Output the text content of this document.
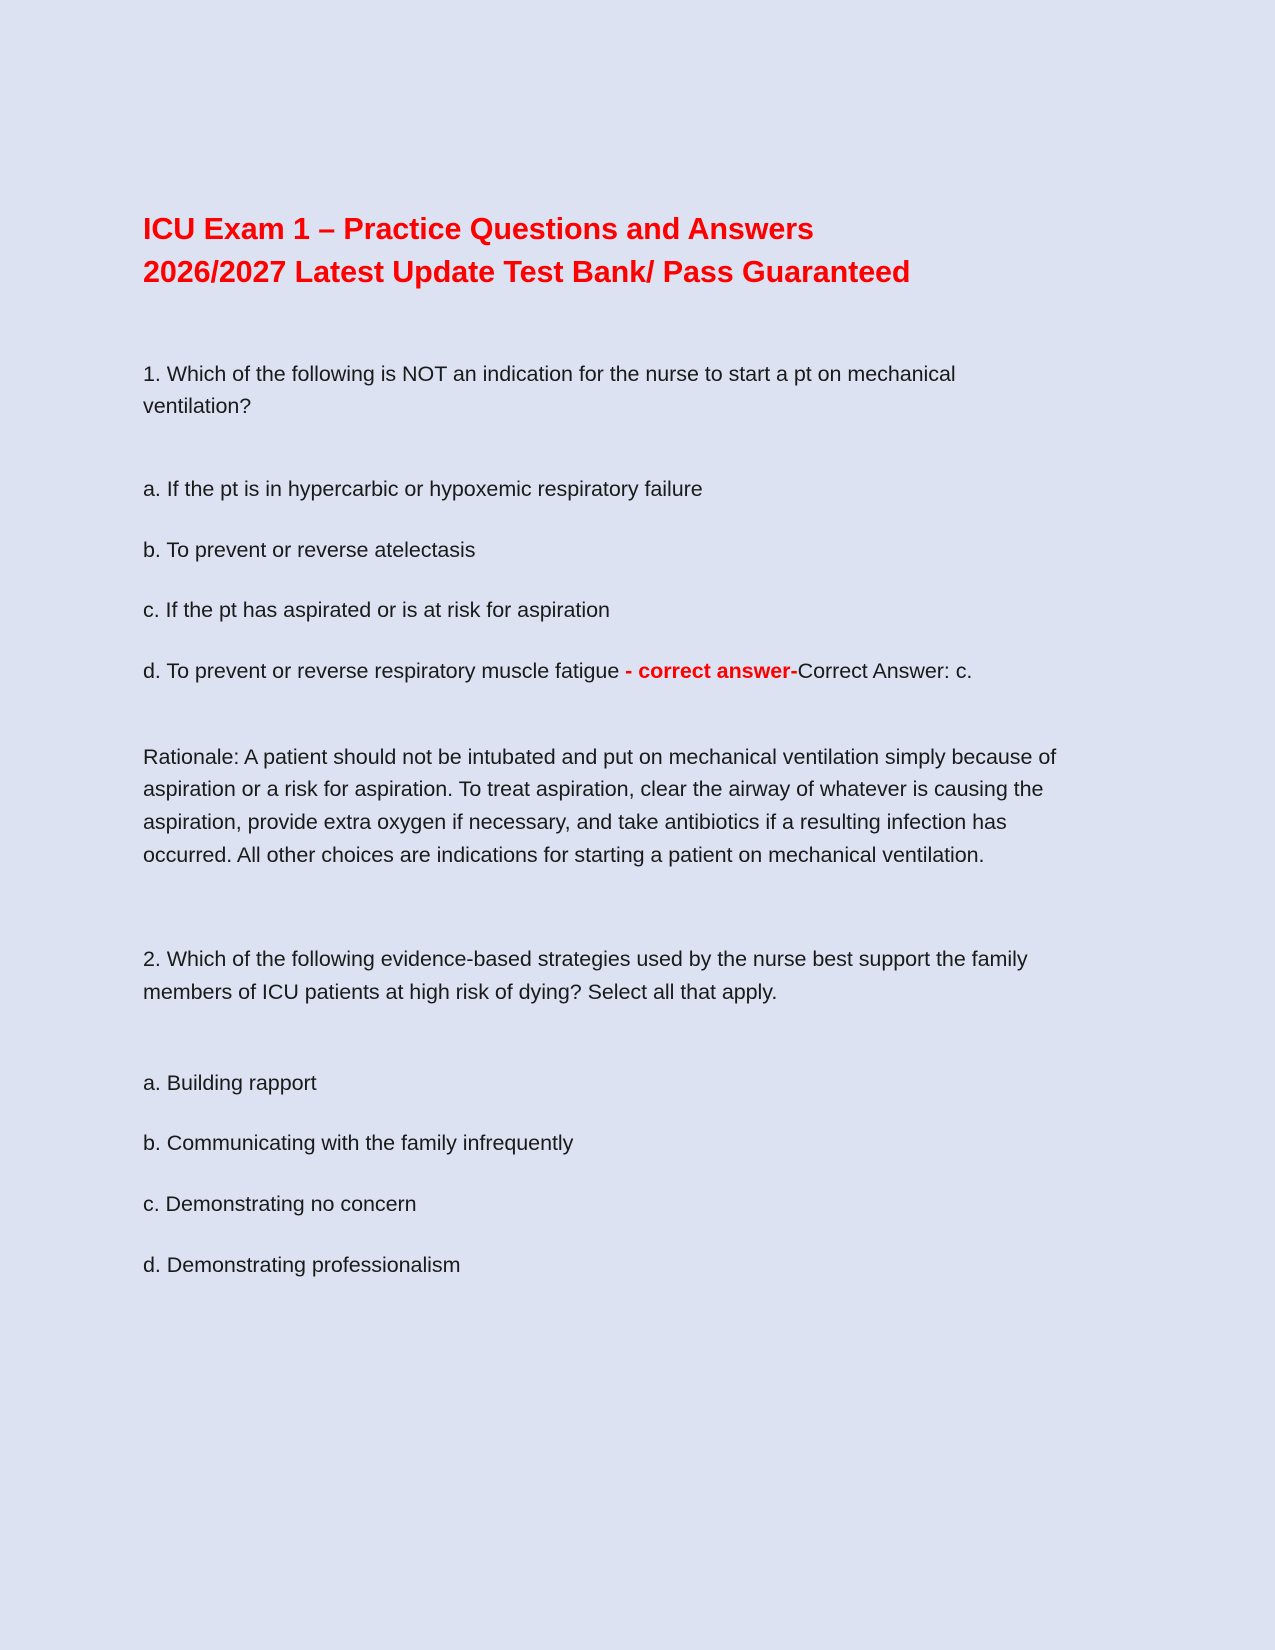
ICU Exam 1 – Practice Questions and Answers
2026/2027 Latest Update Test Bank/ Pass Guaranteed

1. Which of the following is NOT an indication for the nurse to start a pt on mechanical ventilation?

a. If the pt is in hypercarbic or hypoxemic respiratory failure

b. To prevent or reverse atelectasis

c. If the pt has aspirated or is at risk for aspiration

d. To prevent or reverse respiratory muscle fatigue - correct answer-Correct Answer: c.

Rationale: A patient should not be intubated and put on mechanical ventilation simply because of aspiration or a risk for aspiration. To treat aspiration, clear the airway of whatever is causing the aspiration, provide extra oxygen if necessary, and take antibiotics if a resulting infection has occurred. All other choices are indications for starting a patient on mechanical ventilation.

2. Which of the following evidence-based strategies used by the nurse best support the family members of ICU patients at high risk of dying? Select all that apply.

a. Building rapport

b. Communicating with the family infrequently

c. Demonstrating no concern

d. Demonstrating professionalism
